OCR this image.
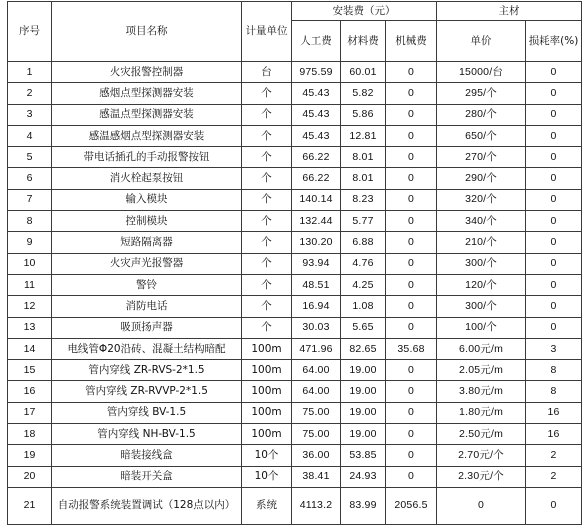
序号	项目名称	计量单位	安装费（元）			主材	
			人工费	材料费	机械费	单价	损耗率(%)
1	火灾报警控制器	台	975.59	60.01	0	15000/台	0
2	感烟点型探测器安装	个	45.43	5.82	0	295/个	0
3	感温点型探测器安装	个	45.43	5.86	0	280/个	0
4	感温感烟点型探测器安装	个	45.43	12.81	0	650/个	0
5	带电话插孔的手动报警按钮	个	66.22	8.01	0	270/个	0
6	消火栓起泵按钮	个	66.22	8.01	0	290/个	0
7	输入模块	个	140.14	8.23	0	320/个	0
8	控制模块	个	132.44	5.77	0	340/个	0
9	短路隔离器	个	130.20	6.88	0	210/个	0
10	火灾声光报警器	个	93.94	4.76	0	300/个	0
11	警铃	个	48.51	4.25	0	120/个	0
12	消防电话	个	16.94	1.08	0	300/个	0
13	吸顶扬声器	个	30.03	5.65	0	100/个	0
14	电线管Φ20沿砖、混凝土结构暗配	100m	471.96	82.65	35.68	6.00元/m	3
15	管内穿线 ZR-RVS-2*1.5	100m	64.00	19.00	0	2.05元/m	8
16	管内穿线 ZR-RVVP-2*1.5	100m	64.00	19.00	0	3.80元/m	8
17	管内穿线 BV-1.5	100m	75.00	19.00	0	1.80元/m	16
18	管内穿线 NH-BV-1.5	100m	75.00	19.00	0	2.50元/m	16
19	暗装接线盒	10个	36.00	53.85	0	2.70元/个	2
20	暗装开关盒	10个	38.41	24.93	0	2.30元/个	2
21	自动报警系统装置调试（128点以内）	系统	4113.2	83.99	2056.5	0	0
